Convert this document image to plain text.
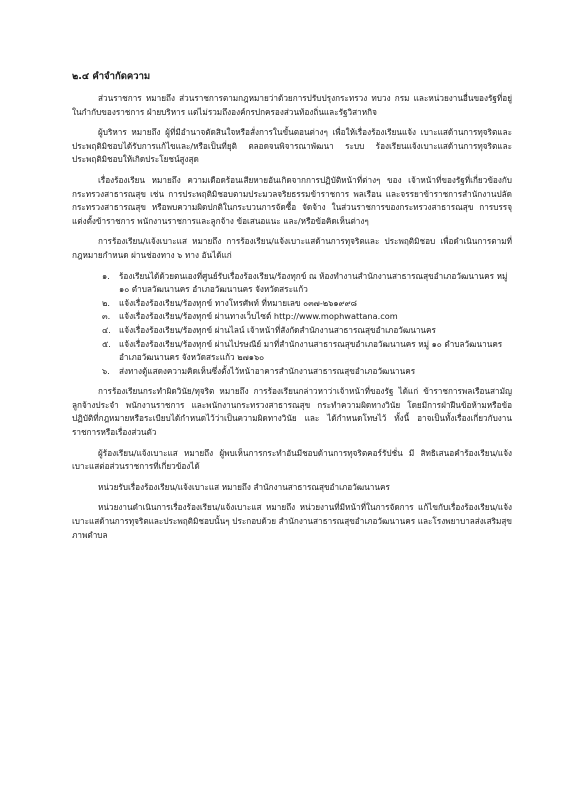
๒.๔ คำจำกัดความ

ส่วนราชการ หมายถึง ส่วนราชการตามกฎหมายว่าด้วยการปรับปรุงกระทรวง ทบวง กรม และหน่วยงานอื่นของรัฐที่อยู่ในกำกับของราชการ ฝ่ายบริหาร แต่ไม่รวมถึงองค์กรปกครองส่วนท้องถิ่นและรัฐวิสาหกิจ

ผู้บริหาร หมายถึง ผู้ที่มีอำนาจตัดสินใจหรือสั่งการในขั้นตอนต่างๆ เพื่อให้เรื่องร้องเรียนแจ้ง เบาะแสด้านการทุจริตและประพฤติมิชอบได้รับการแก้ไขและ/หรือเป็นที่ยุติ ตลอดจนพิจารณาพัฒนา ระบบ ร้องเรียนแจ้งเบาะแสด้านการทุจริตและประพฤติมิชอบให้เกิดประโยชน์สูงสุด

เรื่องร้องเรียน หมายถึง ความเดือดร้อนเสียหายอันเกิดจากการปฏิบัติหน้าที่ต่างๆ ของ เจ้าหน้าที่ของรัฐที่เกี่ยวข้องกับกระทรวงสาธารณสุข เช่น การประพฤติมิชอบตามประมวลจริยธรรมข้าราชการ พลเรือน และจรรยาข้าราชการสำนักงานปลัดกระทรวงสาธารณสุข หรือพบความผิดปกติในกระบวนการจัดซื้อ จัดจ้าง ในส่วนราชการของกระทรวงสาธารณสุข การบรรจุแต่งตั้งข้าราชการ พนักงานราชการและลูกจ้าง ข้อเสนอแนะ และ/หรือข้อคิดเห็นต่างๆ

การร้องเรียน/แจ้งเบาะแส หมายถึง การร้องเรียน/แจ้งเบาะแสด้านการทุจริตและ ประพฤติมิชอบ เพื่อดำเนินการตามที่กฎหมายกำหนด ผ่านช่องทาง ๖ ทาง อันได้แก่

๑. ร้องเรียนได้ด้วยตนเองที่ศูนย์รับเรื่องร้องเรียน/ร้องทุกข์ ณ ห้องทำงานสำนักงานสาธารณสุขอำเภอวัฒนานคร หมู่ ๑๐ ตำบลวัฒนานคร อำเภอวัฒนานคร จังหวัดสระแก้ว
๒. แจ้งเรื่องร้องเรียน/ร้องทุกข์ ทางโทรศัพท์ ที่หมายเลข ๐๓๗-๒๖๑๙๙๘
๓. แจ้งเรื่องร้องเรียน/ร้องทุกข์ ผ่านทางเว็บไซต์ http://www.mophwattana.com
๔. แจ้งเรื่องร้องเรียน/ร้องทุกข์ ผ่านไลน์ เจ้าหน้าที่สังกัดสำนักงานสาธารณสุขอำเภอวัฒนานคร
๕. แจ้งเรื่องร้องเรียน/ร้องทุกข์ ผ่านไปรษณีย์ มาที่สำนักงานสาธารณสุขอำเภอวัฒนานคร หมู่ ๑๐ ตำบลวัฒนานคร อำเภอวัฒนานคร จังหวัดสระแก้ว ๒๗๑๖๐
๖. ส่งทางตู้แสดงความคิดเห็นซึ่งตั้งไว้หน้าอาคารสำนักงานสาธารณสุขอำเภอวัฒนานคร

การร้องเรียนกระทำผิดวินัย/ทุจริต หมายถึง การร้องเรียนกล่าวหาว่าเจ้าหน้าที่ของรัฐ ได้แก่ ข้าราชการพลเรือนสามัญ ลูกจ้างประจำ พนักงานราชการ และพนักงานกระทรวงสาธารณสุข กระทำความผิดทางวินัย โดยมีการฝ่าฝืนข้อห้ามหรือข้อปฏิบัติที่กฎหมายหรือระเบียบได้กำหนดไว้ว่าเป็นความผิดทางวินัย และ ได้กำหนดโทษไว้ ทั้งนี้ อาจเป็นทั้งเรื่องเกี่ยวกับงานราชการหรือเรื่องส่วนตัว

ผู้ร้องเรียน/แจ้งเบาะแส หมายถึง ผู้พบเห็นการกระทำอันมีชอบด้านการทุจริตคอร์รัปชั่น มี สิทธิเสนอคำร้องเรียน/แจ้งเบาะแสต่อส่วนราชการที่เกี่ยวข้องได้

หน่วยรับเรื่องร้องเรียน/แจ้งเบาะแส หมายถึง สำนักงานสาธารณสุขอำเภอวัฒนานคร

หน่วยงานดำเนินการเรื่องร้องเรียน/แจ้งเบาะแส หมายถึง หน่วยงานที่มีหน้าที่ในการจัดการ แก้ไขกับเรื่องร้องเรียน/แจ้งเบาะแสด้านการทุจริตและประพฤติมิชอบนั้นๆ ประกอบด้วย สำนักงานสาธารณสุขอำเภอวัฒนานคร และโรงพยาบาลส่งเสริมสุขภาพตำบล
